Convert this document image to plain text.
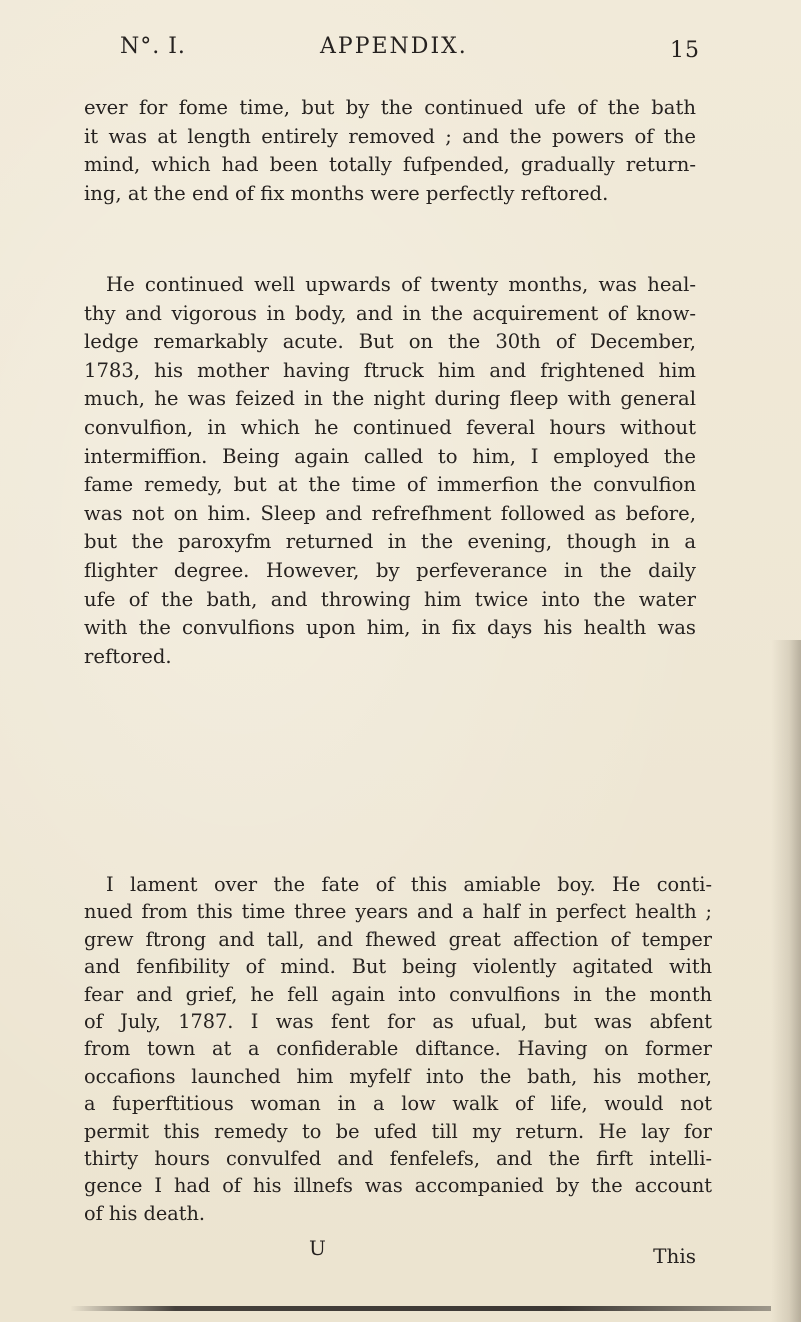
N°. I.	APPENDIX.	15
ever for fome time, but by the continued ufe of the bath
it was at length entirely removed ; and the powers of the
mind, which had been totally fufpended, gradually return-
ing, at the end of fix months were perfectly reftored.
He continued well upwards of twenty months, was heal-
thy and vigorous in body, and in the acquirement of know-
ledge remarkably acute. But on the 30th of December,
1783, his mother having ftruck him and frightened him
much, he was feized in the night during fleep with general
convulfion, in which he continued feveral hours without
intermiffion. Being again called to him, I employed the
fame remedy, but at the time of immerfion the convulfion
was not on him. Sleep and refrefhment followed as before,
but the paroxyfm returned in the evening, though in a
flighter degree. However, by perfeverance in the daily
ufe of the bath, and throwing him twice into the water
with the convulfions upon him, in fix days his health was
reftored.
I lament over the fate of this amiable boy. He conti-
nued from this time three years and a half in perfect health ;
grew ftrong and tall, and fhewed great affection of temper
and fenfibility of mind. But being violently agitated with
fear and grief, he fell again into convulfions in the month
of July, 1787. I was fent for as ufual, but was abfent
from town at a confiderable diftance. Having on former
occafions launched him myfelf into the bath, his mother,
a fuperftitious woman in a low walk of life, would not
permit this remedy to be ufed till my return. He lay for
thirty hours convulfed and fenfelefs, and the firft intelli-
gence I had of his illnefs was accompanied by the account
of his death.
U	This
